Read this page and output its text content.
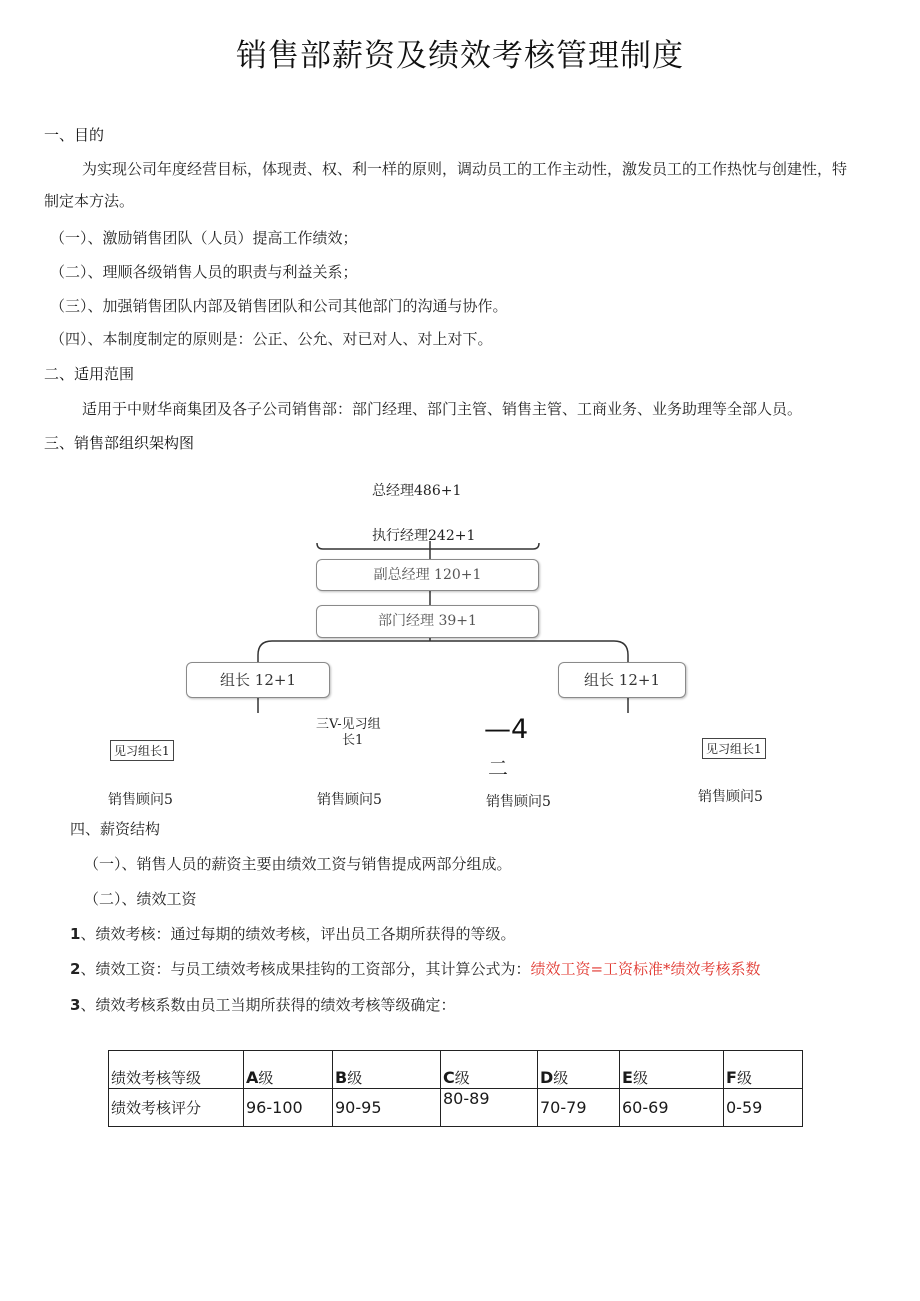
销售部薪资及绩效考核管理制度
一、目的
为实现公司年度经营目标，体现责、权、利一样的原则，调动员工的工作主动性，激发员工的工作热忱与创建性，特
制定本方法。
（一）、激励销售团队（人员）提高工作绩效；
（二）、理顺各级销售人员的职责与利益关系；
（三）、加强销售团队内部及销售团队和公司其他部门的沟通与协作。
（四）、本制度制定的原则是：公正、公允、对已对人、对上对下。
二、适用范围
适用于中财华商集团及各子公司销售部：部门经理、部门主管、销售主管、工商业务、业务助理等全部人员。
三、销售部组织架构图
总经理486+1
执行经理242+1
副总经理 120+1
部门经理 39+1
组长 12+1	组长 12+1
见习组长1
三V-见习组
长1	—4
二
见习组长1
销售顾问5	销售顾问5	销售顾问5	销售顾问5
四、薪资结构
（一）、销售人员的薪资主要由绩效工资与销售提成两部分组成。
（二）、绩效工资
1、绩效考核：通过每期的绩效考核，评出员工各期所获得的等级。
2、绩效工资：与员工绩效考核成果挂钩的工资部分，其计算公式为：绩效工资=工资标准*绩效考核系数
3、绩效考核系数由员工当期所获得的绩效考核等级确定：
绩效考核等级	A级	B级	C级	D级	E级	F级
绩效考核评分	96-100	90-95	80-89	70-79	60-69	0-59
